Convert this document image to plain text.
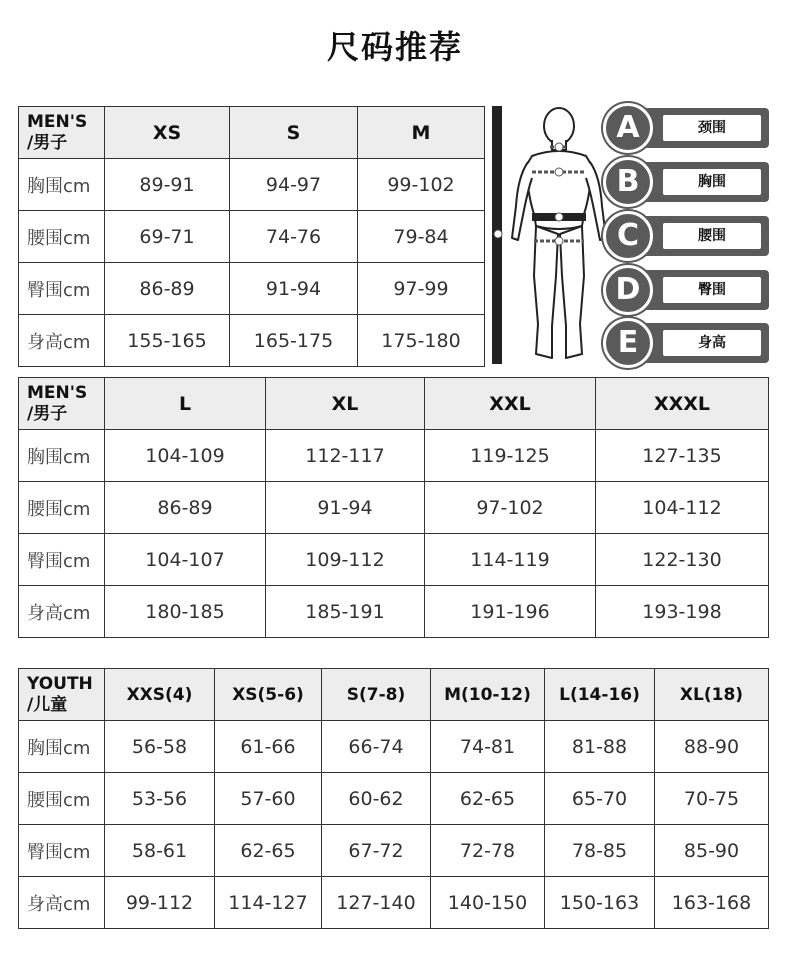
尺码推荐
MEN'S
/男子	XS	S	M
胸围cm	89-91	94-97	99-102
腰围cm	69-71	74-76	79-84
臀围cm	86-89	91-94	97-99
身高cm	155-165	165-175	175-180
颈围
A
胸围
B
腰围
C
臀围
D
身高
E
MEN'S
/男子	L	XL	XXL	XXXL
胸围cm	104-109	112-117	119-125	127-135
腰围cm	86-89	91-94	97-102	104-112
臀围cm	104-107	109-112	114-119	122-130
身高cm	180-185	185-191	191-196	193-198
YOUTH
/儿童	XXS(4)	XS(5-6)	S(7-8)	M(10-12)	L(14-16)	XL(18)
胸围cm	56-58	61-66	66-74	74-81	81-88	88-90
腰围cm	53-56	57-60	60-62	62-65	65-70	70-75
臀围cm	58-61	62-65	67-72	72-78	78-85	85-90
身高cm	99-112	114-127	127-140	140-150	150-163	163-168
